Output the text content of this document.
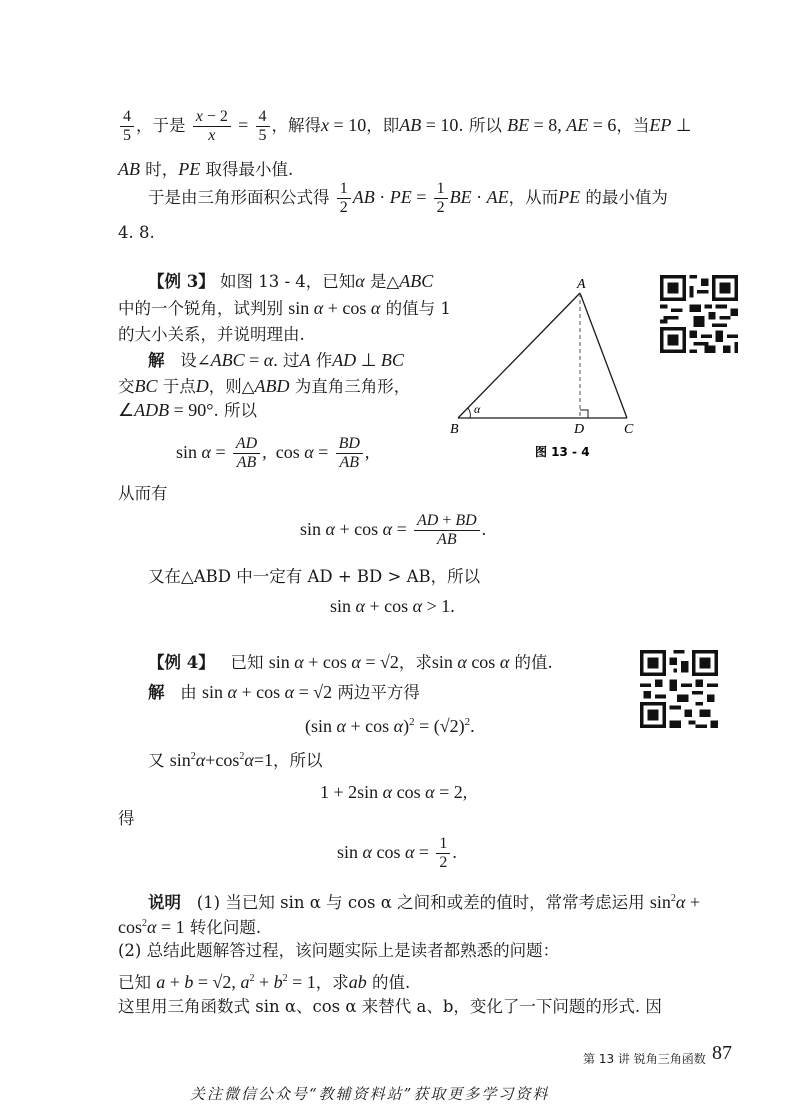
$\frac{4}{5}$ ，于是 $\frac{x - 2}{x} = \frac{4}{5}$ ，解得x = 10，即AB = 10. 所以 BE = 8, AE = 6，当EP ⊥
AB 时，PE 取得最小值.
于是由三角形面积公式得 $\frac{1}{2}$ AB · PE = $\frac{1}{2}$ BE · AE，从而PE 的最小值为
4. 8.
【例 3】 如图 13 - 4，已知α 是△ABC
中的一个锐角，试判别 sin α + cos α 的值与 1
的大小关系，并说明理由.
解 设∠ABC = α. 过A 作AD ⊥ BC
交BC 于点D，则△ABD 为直角三角形，
∠ADB = 90°. 所以
$\sin \alpha = \frac{AD}{AB}$ ,  $\cos \alpha = \frac{BD}{AB}$ ,
A
B	D	C
α
图 13 - 4
从而有
$\sin \alpha + \cos \alpha = \frac{AD + BD}{AB}$ .
又在△ABD 中一定有 AD + BD > AB，所以
sin α + cos α > 1.
【例 4】 已知 sin α + cos α = √2，求sin α cos α 的值.
解 由 sin α + cos α = √2 两边平方得
(sin $\alpha + \cos \alpha)^2 = (√2)^2$.
又 $\sin^2\alpha+\cos^2\alpha=1$，所以
1 + 2sin α cos α = 2,
得
sin α $\cos \alpha = \frac{1}{2}$ .
说明 (1) 当已知 sin α 与 cos α 之间和或差的值时，常常考虑运用 $\sin^2\alpha$ +
$\cos^2\alpha = 1$ 转化问题.
(2) 总结此题解答过程，该问题实际上是读者都熟悉的问题：
已知 a + b = √2, $a^2 + b^2 = 1$，求ab 的值.
这里用三角函数式 sin α、cos α 来替代 a、b，变化了一下问题的形式. 因
第 13 讲 锐角三角函数 87
关注微信公众号“教辅资料站”获取更多学习资料
